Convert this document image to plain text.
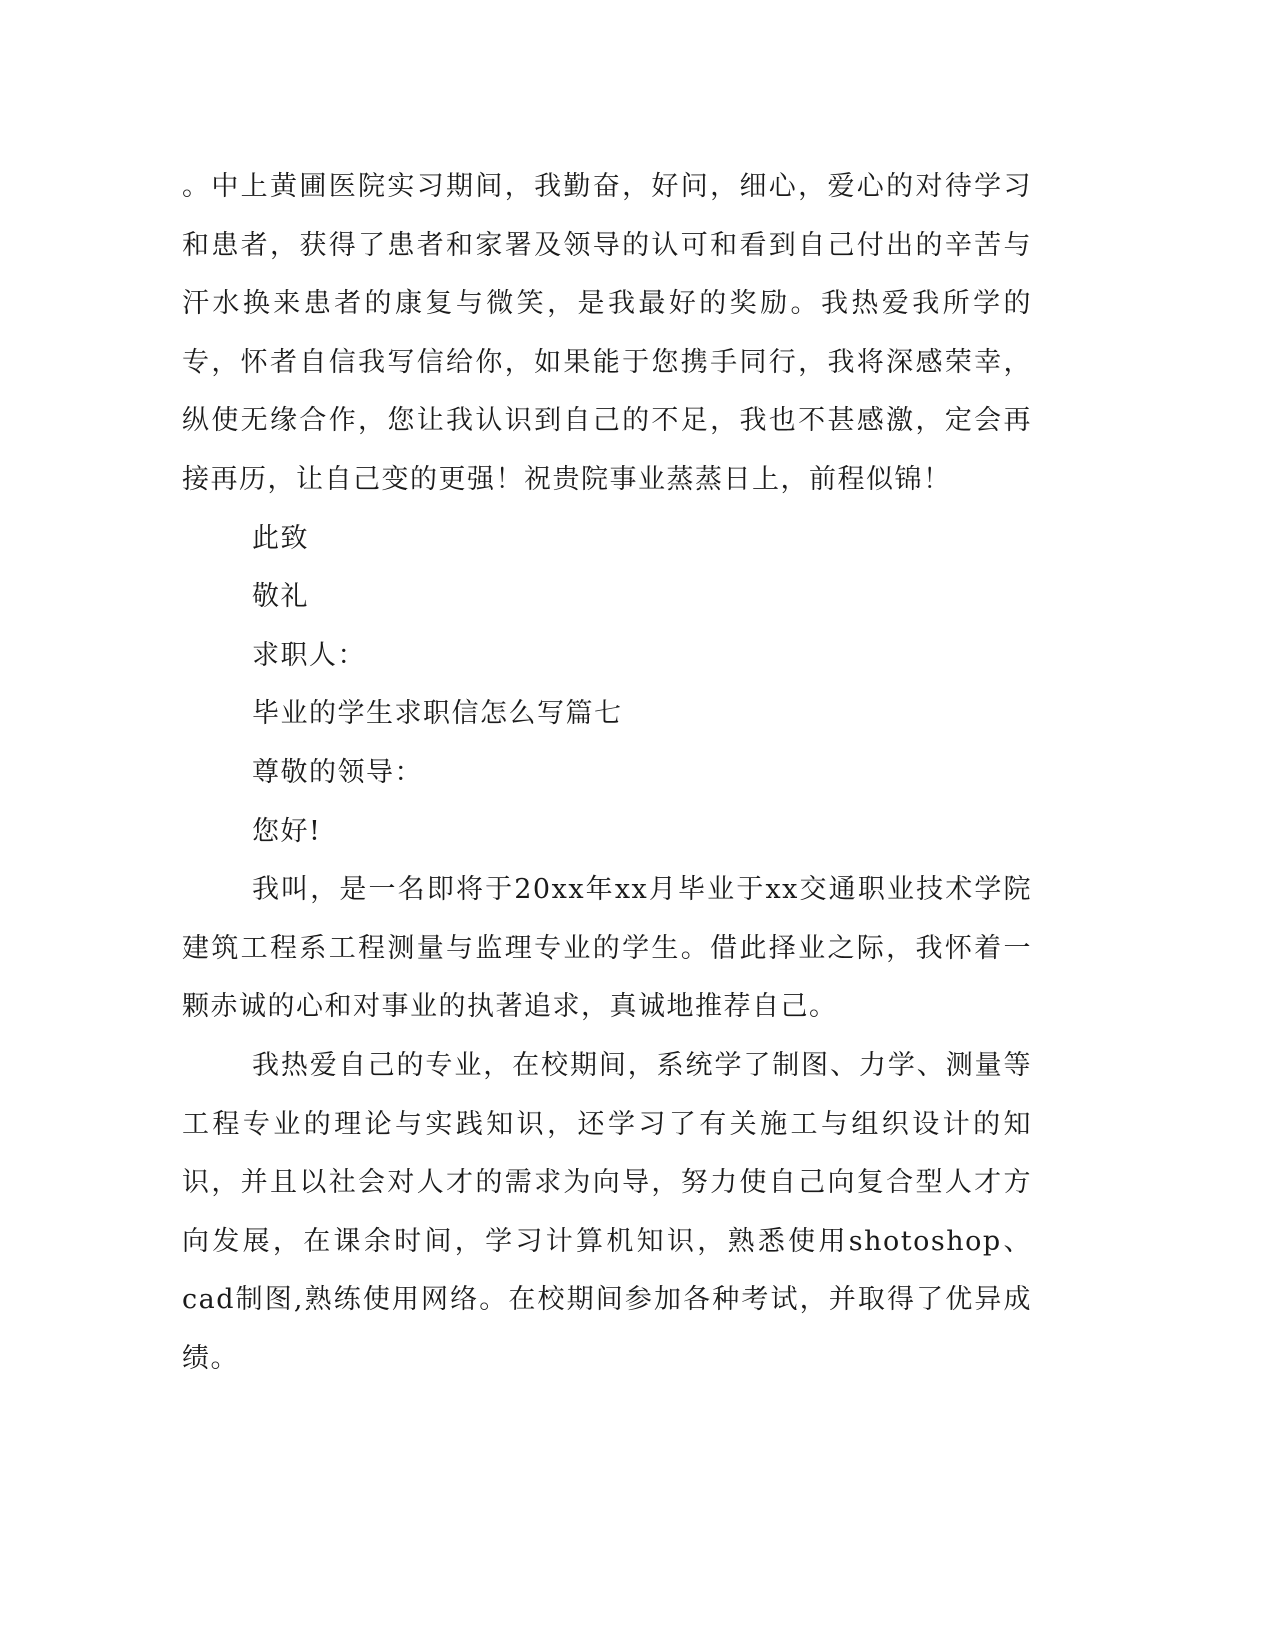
。中上黄圃医院实习期间，我勤奋，好问，细心，爱心的对待学习和患者，获得了患者和家署及领导的认可和看到自己付出的辛苦与汗水换来患者的康复与微笑，是我最好的奖励。我热爱我所学的专，怀者自信我写信给你，如果能于您携手同行，我将深感荣幸，纵使无缘合作，您让我认识到自己的不足，我也不甚感激，定会再接再历，让自己变的更强！祝贵院事业蒸蒸日上，前程似锦！

此致

敬礼

求职人：

毕业的学生求职信怎么写篇七

尊敬的领导：

您好!

我叫，是一名即将于20xx年xx月毕业于xx交通职业技术学院建筑工程系工程测量与监理专业的学生。借此择业之际，我怀着一颗赤诚的心和对事业的执著追求，真诚地推荐自己。

我热爱自己的专业，在校期间，系统学了制图、力学、测量等工程专业的理论与实践知识，还学习了有关施工与组织设计的知识，并且以社会对人才的需求为向导，努力使自己向复合型人才方向发展，在课余时间，学习计算机知识，熟悉使用shotoshop、cad制图,熟练使用网络。在校期间参加各种考试，并取得了优异成绩。
